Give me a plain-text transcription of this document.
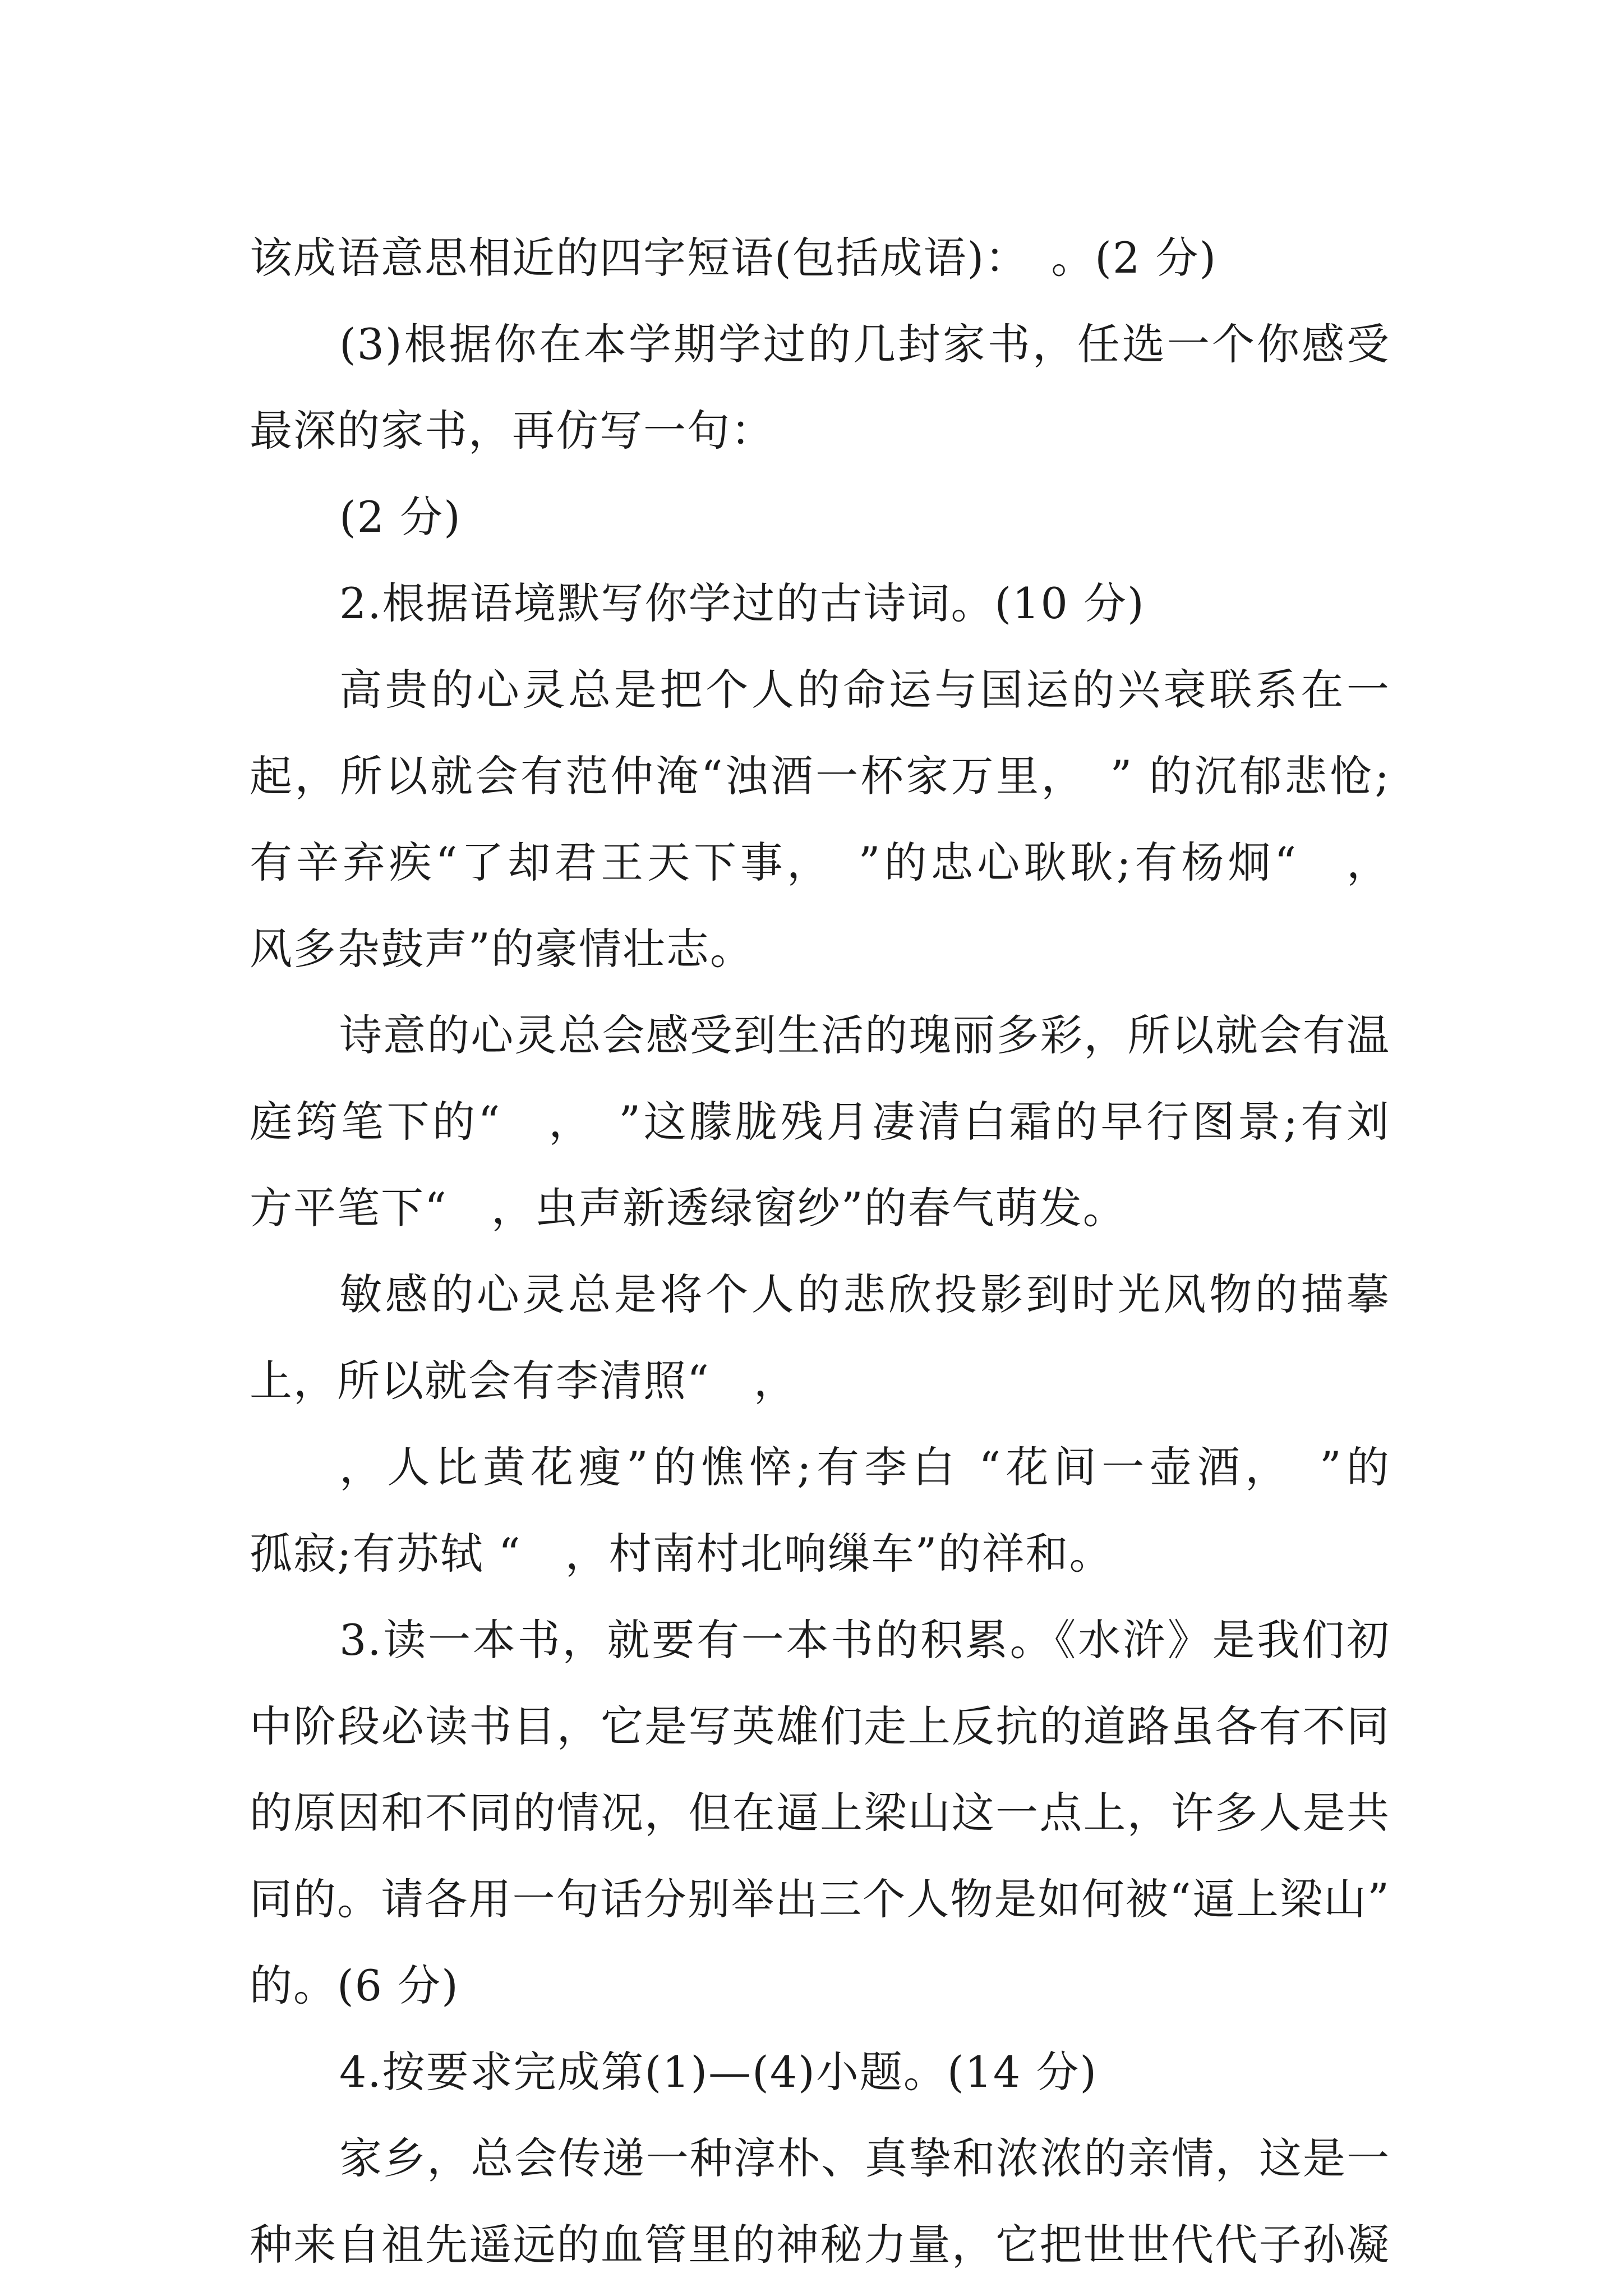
该成语意思相近的四字短语(包括成语)：　。(2 分)
(3)根据你在本学期学过的几封家书，任选一个你感受
最深的家书，再仿写一句：
(2 分)
2.根据语境默写你学过的古诗词。(10 分)
高贵的心灵总是把个人的命运与国运的兴衰联系在一
起，所以就会有范仲淹“浊酒一杯家万里，　” 的沉郁悲怆;
有辛弃疾“了却君王天下事，　”的忠心耿耿;有杨炯“　，
风多杂鼓声”的豪情壮志。
诗意的心灵总会感受到生活的瑰丽多彩，所以就会有温
庭筠笔下的“　，　”这朦胧残月凄清白霜的早行图景;有刘
方平笔下“　，虫声新透绿窗纱”的春气萌发。
敏感的心灵总是将个人的悲欣投影到时光风物的描摹
上，所以就会有李清照“　，
，人比黄花瘦”的憔悴;有李白 “花间一壶酒，　”的
孤寂;有苏轼 “　，村南村北响缫车”的祥和。
3.读一本书，就要有一本书的积累。《水浒》是我们初
中阶段必读书目，它是写英雄们走上反抗的道路虽各有不同
的原因和不同的情况，但在逼上梁山这一点上，许多人是共
同的。请各用一句话分别举出三个人物是如何被“逼上梁山”
的。(6 分)
4.按要求完成第(1)—(4)小题。(14 分)
家乡，总会传递一种淳朴、真挚和浓浓的亲情，这是一
种来自祖先遥远的血管里的神秘力量，它把世世代代子孙凝
